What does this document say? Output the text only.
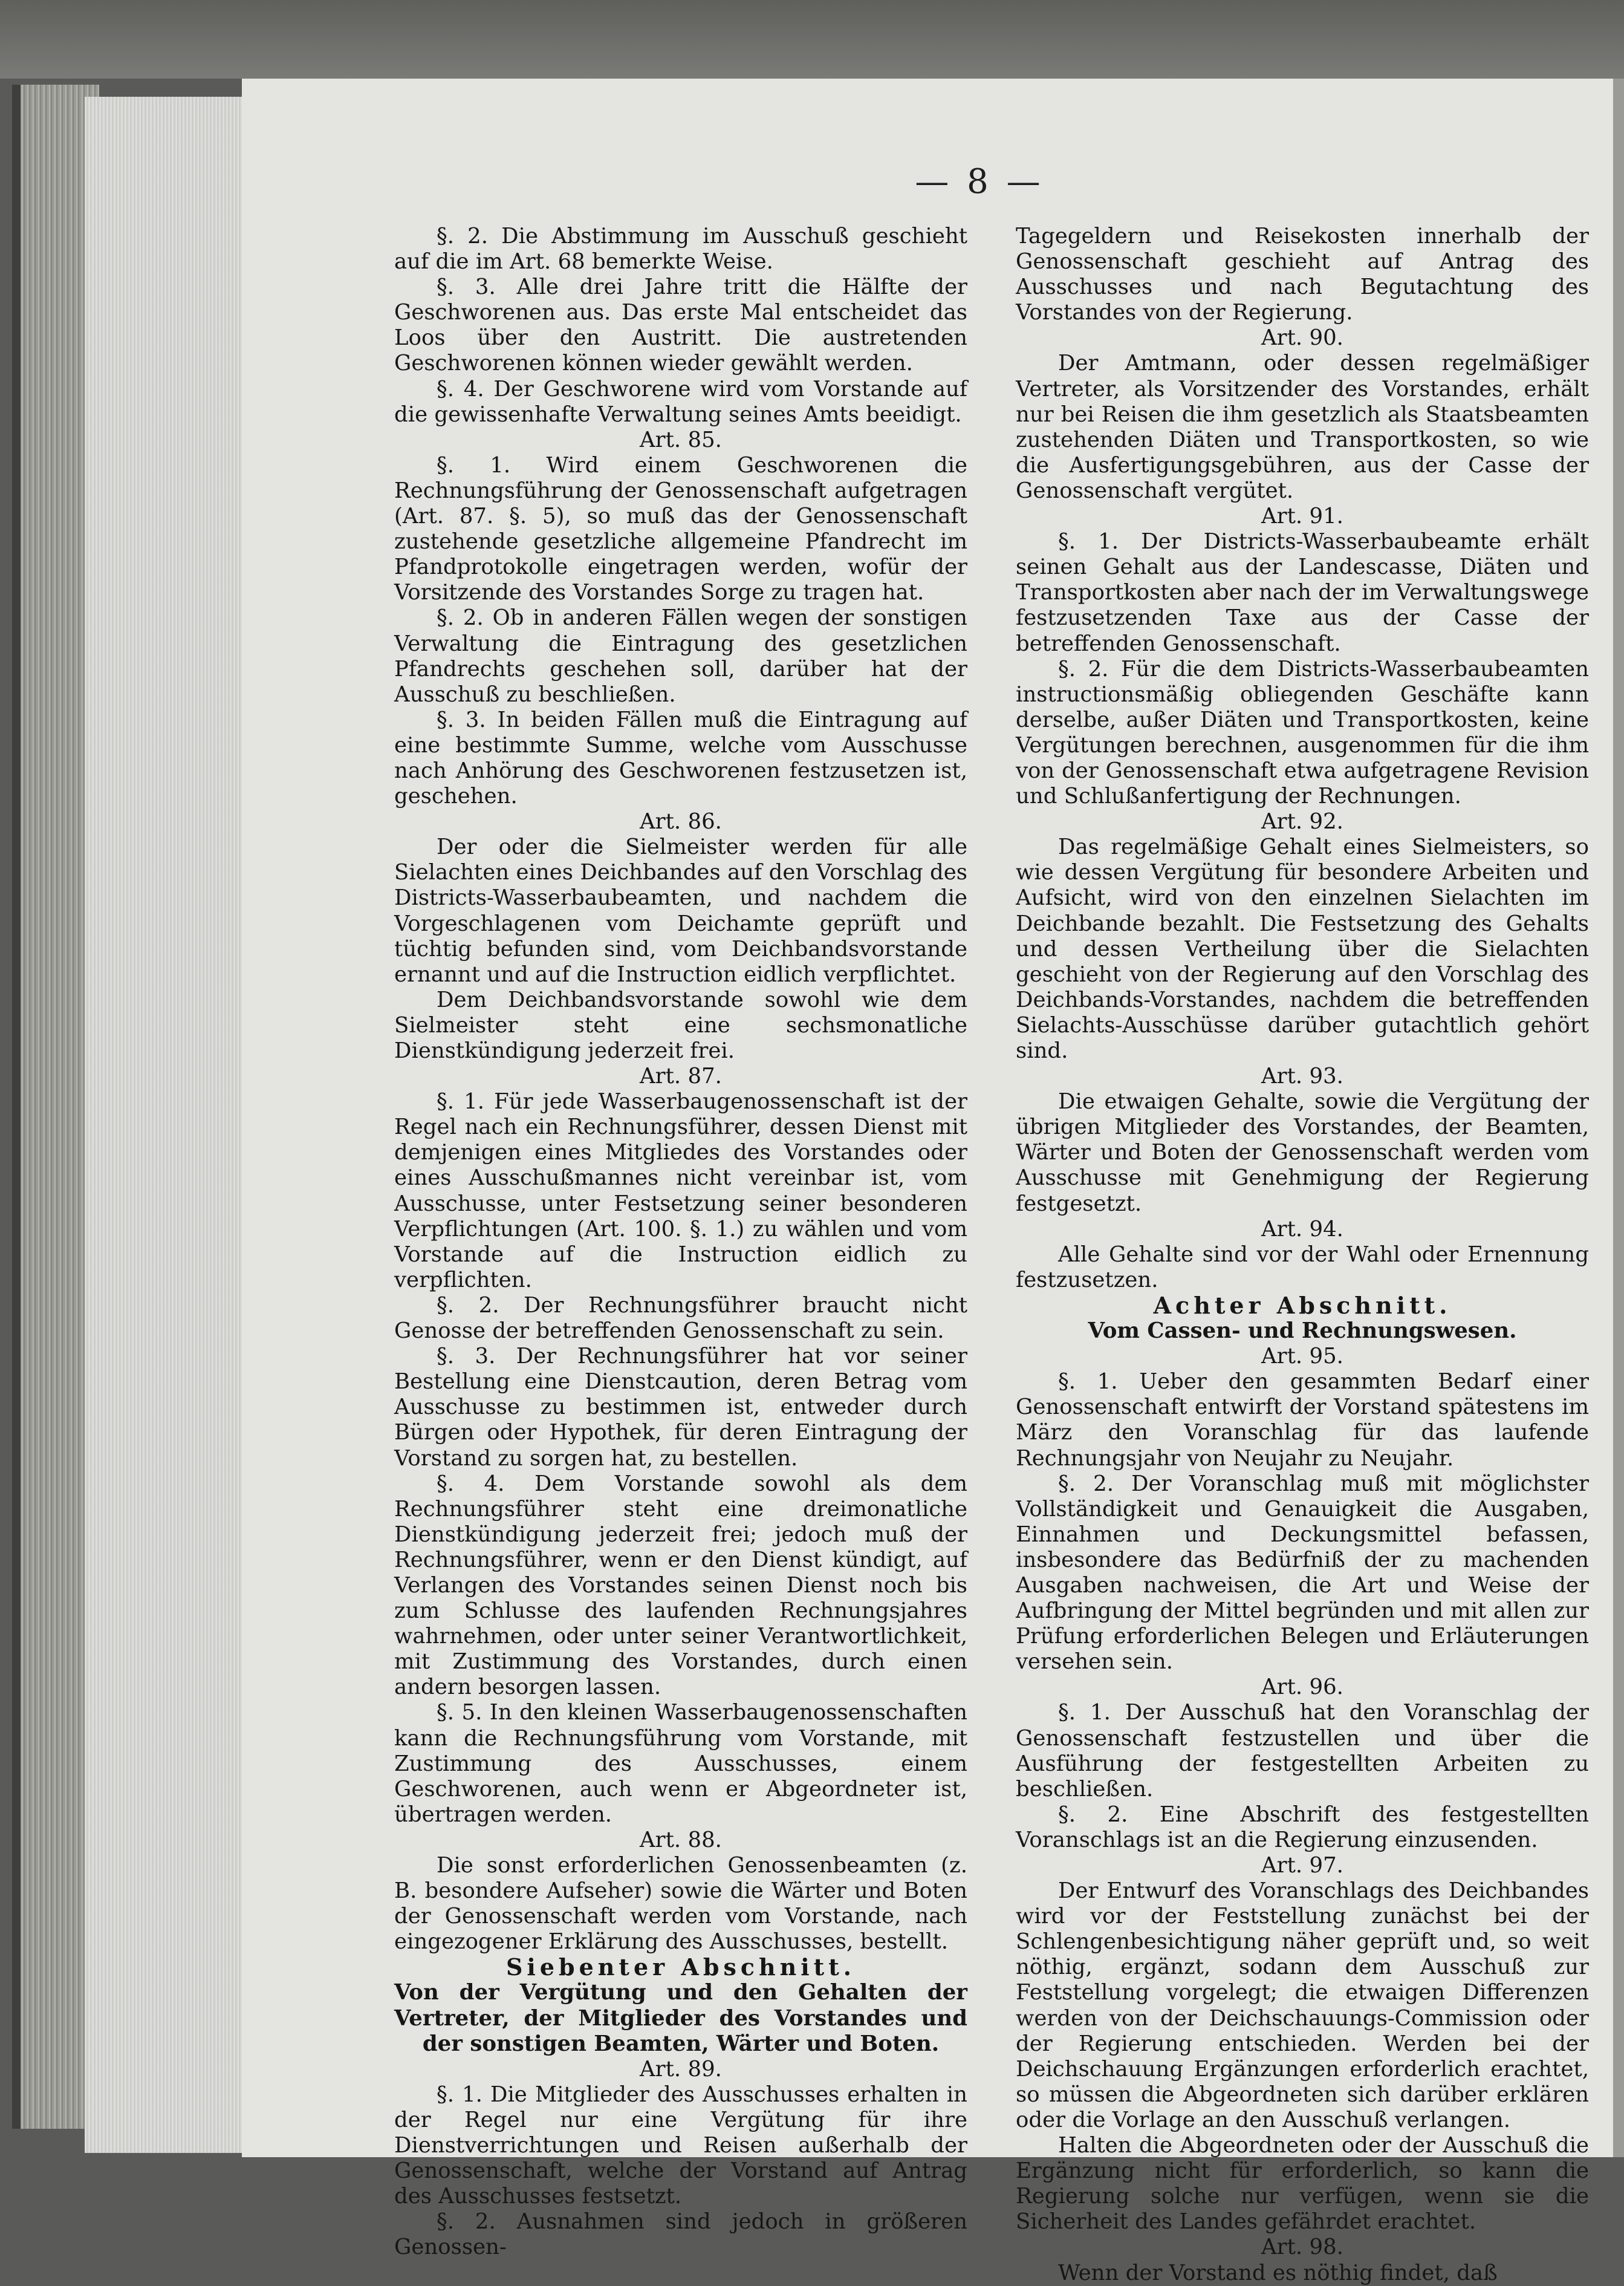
— 8 —

§. 2. Die Abstimmung im Ausschuß geschieht auf die im Art. 68 bemerkte Weise.

§. 3. Alle drei Jahre tritt die Hälfte der Geschworenen aus. Das erste Mal entscheidet das Loos über den Austritt. Die austretenden Geschworenen können wieder gewählt werden.

§. 4. Der Geschworene wird vom Vorstande auf die gewissenhafte Verwaltung seines Amts beeidigt.

Art. 85.

§. 1. Wird einem Geschworenen die Rechnungsführung der Genossenschaft aufgetragen (Art. 87. §. 5), so muß das der Genossenschaft zustehende gesetzliche allgemeine Pfandrecht im Pfandprotokolle eingetragen werden, wofür der Vorsitzende des Vorstandes Sorge zu tragen hat.

§. 2. Ob in anderen Fällen wegen der sonstigen Verwaltung die Eintragung des gesetzlichen Pfandrechts geschehen soll, darüber hat der Ausschuß zu beschließen.

§. 3. In beiden Fällen muß die Eintragung auf eine bestimmte Summe, welche vom Ausschusse nach Anhörung des Geschworenen festzusetzen ist, geschehen.

Art. 86.

Der oder die Sielmeister werden für alle Sielachten eines Deichbandes auf den Vorschlag des Districts-Wasserbaubeamten, und nachdem die Vorgeschlagenen vom Deichamte geprüft und tüchtig befunden sind, vom Deichbandsvorstande ernannt und auf die Instruction eidlich verpflichtet.

Dem Deichbandsvorstande sowohl wie dem Sielmeister steht eine sechsmonatliche Dienstkündigung jederzeit frei.

Art. 87.

§. 1. Für jede Wasserbaugenossenschaft ist der Regel nach ein Rechnungsführer, dessen Dienst mit demjenigen eines Mitgliedes des Vorstandes oder eines Ausschußmannes nicht vereinbar ist, vom Ausschusse, unter Festsetzung seiner besonderen Verpflichtungen (Art. 100. §. 1.) zu wählen und vom Vorstande auf die Instruction eidlich zu verpflichten.

§. 2. Der Rechnungsführer braucht nicht Genosse der betreffenden Genossenschaft zu sein.

§. 3. Der Rechnungsführer hat vor seiner Bestellung eine Dienstcaution, deren Betrag vom Ausschusse zu bestimmen ist, entweder durch Bürgen oder Hypothek, für deren Eintragung der Vorstand zu sorgen hat, zu bestellen.

§. 4. Dem Vorstande sowohl als dem Rechnungsführer steht eine dreimonatliche Dienstkündigung jederzeit frei; jedoch muß der Rechnungsführer, wenn er den Dienst kündigt, auf Verlangen des Vorstandes seinen Dienst noch bis zum Schlusse des laufenden Rechnungsjahres wahrnehmen, oder unter seiner Verantwortlichkeit, mit Zustimmung des Vorstandes, durch einen andern besorgen lassen.

§. 5. In den kleinen Wasserbaugenossenschaften kann die Rechnungsführung vom Vorstande, mit Zustimmung des Ausschusses, einem Geschworenen, auch wenn er Abgeordneter ist, übertragen werden.

Art. 88.

Die sonst erforderlichen Genossenbeamten (z. B. besondere Aufseher) sowie die Wärter und Boten der Genossenschaft werden vom Vorstande, nach eingezogener Erklärung des Ausschusses, bestellt.

Siebenter Abschnitt.

Von der Vergütung und den Gehalten der Vertreter, der Mitglieder des Vorstandes und der sonstigen Beamten, Wärter und Boten.

Art. 89.

§. 1. Die Mitglieder des Ausschusses erhalten in der Regel nur eine Vergütung für ihre Dienstverrichtungen und Reisen außerhalb der Genossenschaft, welche der Vorstand auf Antrag des Ausschusses festsetzt.

§. 2. Ausnahmen sind jedoch in größeren Genossen-

Tagegeldern und Reisekosten innerhalb der Genossenschaft geschieht auf Antrag des Ausschusses und nach Begutachtung des Vorstandes von der Regierung.

Art. 90.

Der Amtmann, oder dessen regelmäßiger Vertreter, als Vorsitzender des Vorstandes, erhält nur bei Reisen die ihm gesetzlich als Staatsbeamten zustehenden Diäten und Transportkosten, so wie die Ausfertigungsgebühren, aus der Casse der Genossenschaft vergütet.

Art. 91.

§. 1. Der Districts-Wasserbaubeamte erhält seinen Gehalt aus der Landescasse, Diäten und Transportkosten aber nach der im Verwaltungswege festzusetzenden Taxe aus der Casse der betreffenden Genossenschaft.

§. 2. Für die dem Districts-Wasserbaubeamten instructionsmäßig obliegenden Geschäfte kann derselbe, außer Diäten und Transportkosten, keine Vergütungen berechnen, ausgenommen für die ihm von der Genossenschaft etwa aufgetragene Revision und Schlußanfertigung der Rechnungen.

Art. 92.

Das regelmäßige Gehalt eines Sielmeisters, so wie dessen Vergütung für besondere Arbeiten und Aufsicht, wird von den einzelnen Sielachten im Deichbande bezahlt. Die Festsetzung des Gehalts und dessen Vertheilung über die Sielachten geschieht von der Regierung auf den Vorschlag des Deichbands-Vorstandes, nachdem die betreffenden Sielachts-Ausschüsse darüber gutachtlich gehört sind.

Art. 93.

Die etwaigen Gehalte, sowie die Vergütung der übrigen Mitglieder des Vorstandes, der Beamten, Wärter und Boten der Genossenschaft werden vom Ausschusse mit Genehmigung der Regierung festgesetzt.

Art. 94.

Alle Gehalte sind vor der Wahl oder Ernennung festzusetzen.

Achter Abschnitt.

Vom Cassen- und Rechnungswesen.

Art. 95.

§. 1. Ueber den gesammten Bedarf einer Genossenschaft entwirft der Vorstand spätestens im März den Voranschlag für das laufende Rechnungsjahr von Neujahr zu Neujahr.

§. 2. Der Voranschlag muß mit möglichster Vollständigkeit und Genauigkeit die Ausgaben, Einnahmen und Deckungsmittel befassen, insbesondere das Bedürfniß der zu machenden Ausgaben nachweisen, die Art und Weise der Aufbringung der Mittel begründen und mit allen zur Prüfung erforderlichen Belegen und Erläuterungen versehen sein.

Art. 96.

§. 1. Der Ausschuß hat den Voranschlag der Genossenschaft festzustellen und über die Ausführung der festgestellten Arbeiten zu beschließen.

§. 2. Eine Abschrift des festgestellten Voranschlags ist an die Regierung einzusenden.

Art. 97.

Der Entwurf des Voranschlags des Deichbandes wird vor der Feststellung zunächst bei der Schlengenbesichtigung näher geprüft und, so weit nöthig, ergänzt, sodann dem Ausschuß zur Feststellung vorgelegt; die etwaigen Differenzen werden von der Deichschauungs-Commission oder der Regierung entschieden. Werden bei der Deichschauung Ergänzungen erforderlich erachtet, so müssen die Abgeordneten sich darüber erklären oder die Vorlage an den Ausschuß verlangen.

Halten die Abgeordneten oder der Ausschuß die Ergänzung nicht für erforderlich, so kann die Regierung solche nur verfügen, wenn sie die Sicherheit des Landes gefährdet erachtet.

Art. 98.

Wenn der Vorstand es nöthig findet, daß
